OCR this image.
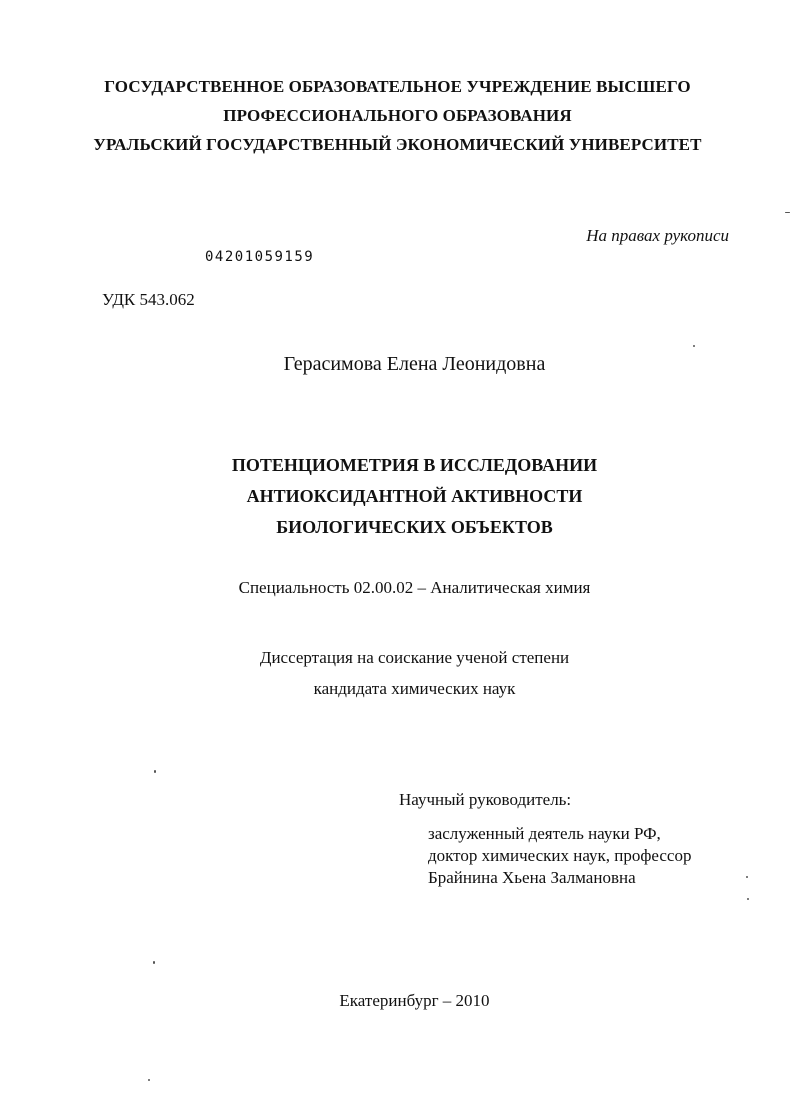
ГОСУДАРСТВЕННОЕ ОБРАЗОВАТЕЛЬНОЕ УЧРЕЖДЕНИЕ ВЫСШЕГО
ПРОФЕССИОНАЛЬНОГО ОБРАЗОВАНИЯ
УРАЛЬСКИЙ ГОСУДАРСТВЕННЫЙ ЭКОНОМИЧЕСКИЙ УНИВЕРСИТЕТ
На правах рукописи
04201059159
УДК 543.062
Герасимова Елена Леонидовна
ПОТЕНЦИОМЕТРИЯ В ИССЛЕДОВАНИИ
АНТИОКСИДАНТНОЙ АКТИВНОСТИ
БИОЛОГИЧЕСКИХ ОБЪЕКТОВ
Специальность 02.00.02 – Аналитическая химия
Диссертация на соискание ученой степени
кандидата химических наук
Научный руководитель:
заслуженный деятель науки РФ,
доктор химических наук, профессор
Брайнина Хьена Залмановна
Екатеринбург – 2010
